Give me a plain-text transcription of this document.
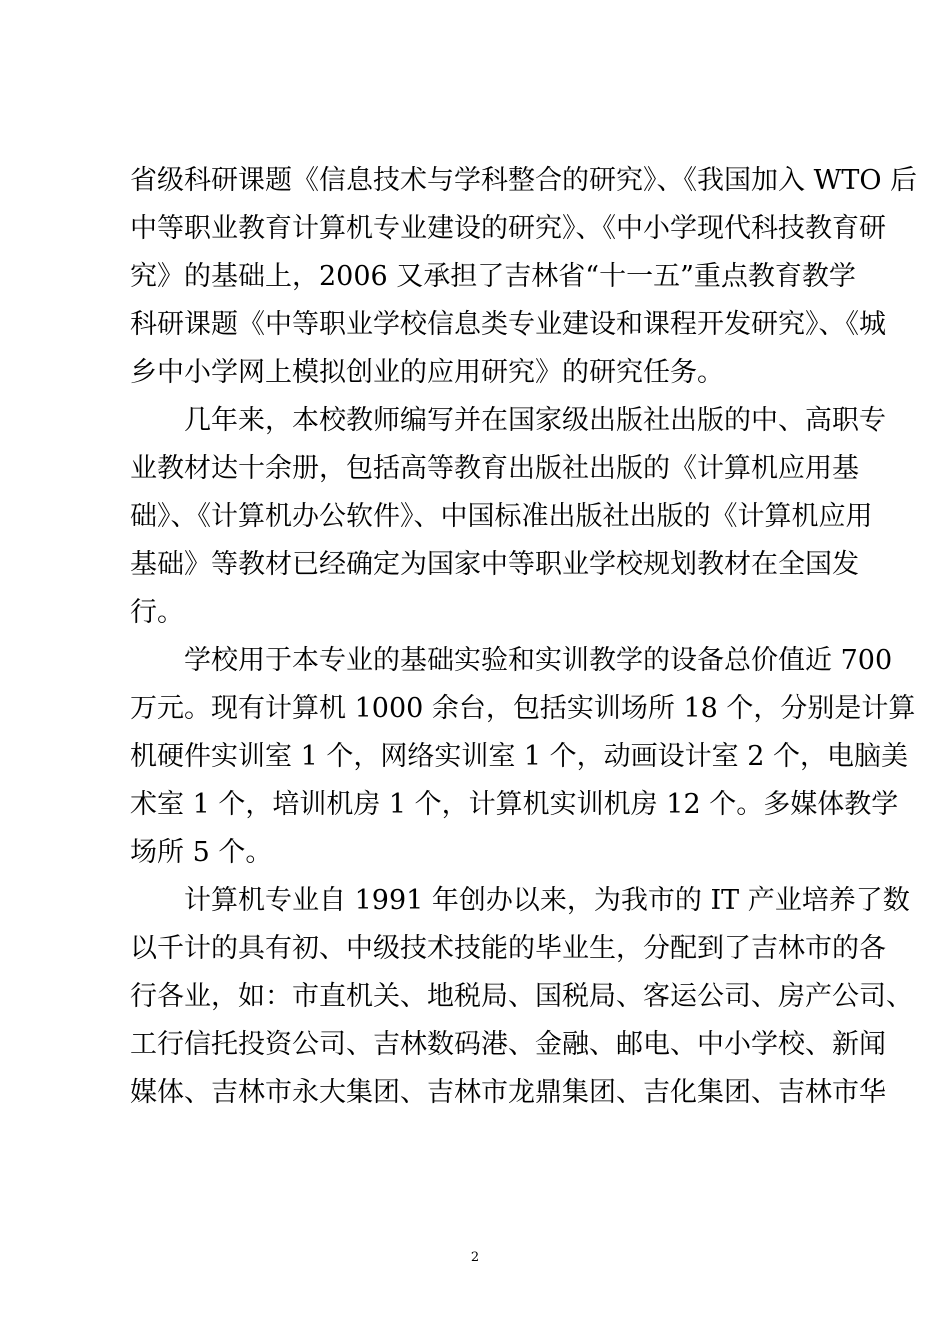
省级科研课题《信息技术与学科整合的研究》、《我国加入 WTO 后
中等职业教育计算机专业建设的研究》、《中小学现代科技教育研
究》的基础上，2006 又承担了吉林省“十一五”重点教育教学
科研课题《中等职业学校信息类专业建设和课程开发研究》、《城
乡中小学网上模拟创业的应用研究》的研究任务。
几年来，本校教师编写并在国家级出版社出版的中、高职专
业教材达十余册，包括高等教育出版社出版的《计算机应用基
础》、《计算机办公软件》、中国标准出版社出版的《计算机应用
基础》等教材已经确定为国家中等职业学校规划教材在全国发
行。
学校用于本专业的基础实验和实训教学的设备总价值近 700
万元。现有计算机 1000 余台，包括实训场所 18 个，分别是计算
机硬件实训室 1 个，网络实训室 1 个，动画设计室 2 个，电脑美
术室 1 个，培训机房 1 个，计算机实训机房 12 个。多媒体教学
场所 5 个。
计算机专业自 1991 年创办以来，为我市的 IT 产业培养了数
以千计的具有初、中级技术技能的毕业生，分配到了吉林市的各
行各业，如：市直机关、地税局、国税局、客运公司、房产公司、
工行信托投资公司、吉林数码港、金融、邮电、中小学校、新闻
媒体、吉林市永大集团、吉林市龙鼎集团、吉化集团、吉林市华
2
